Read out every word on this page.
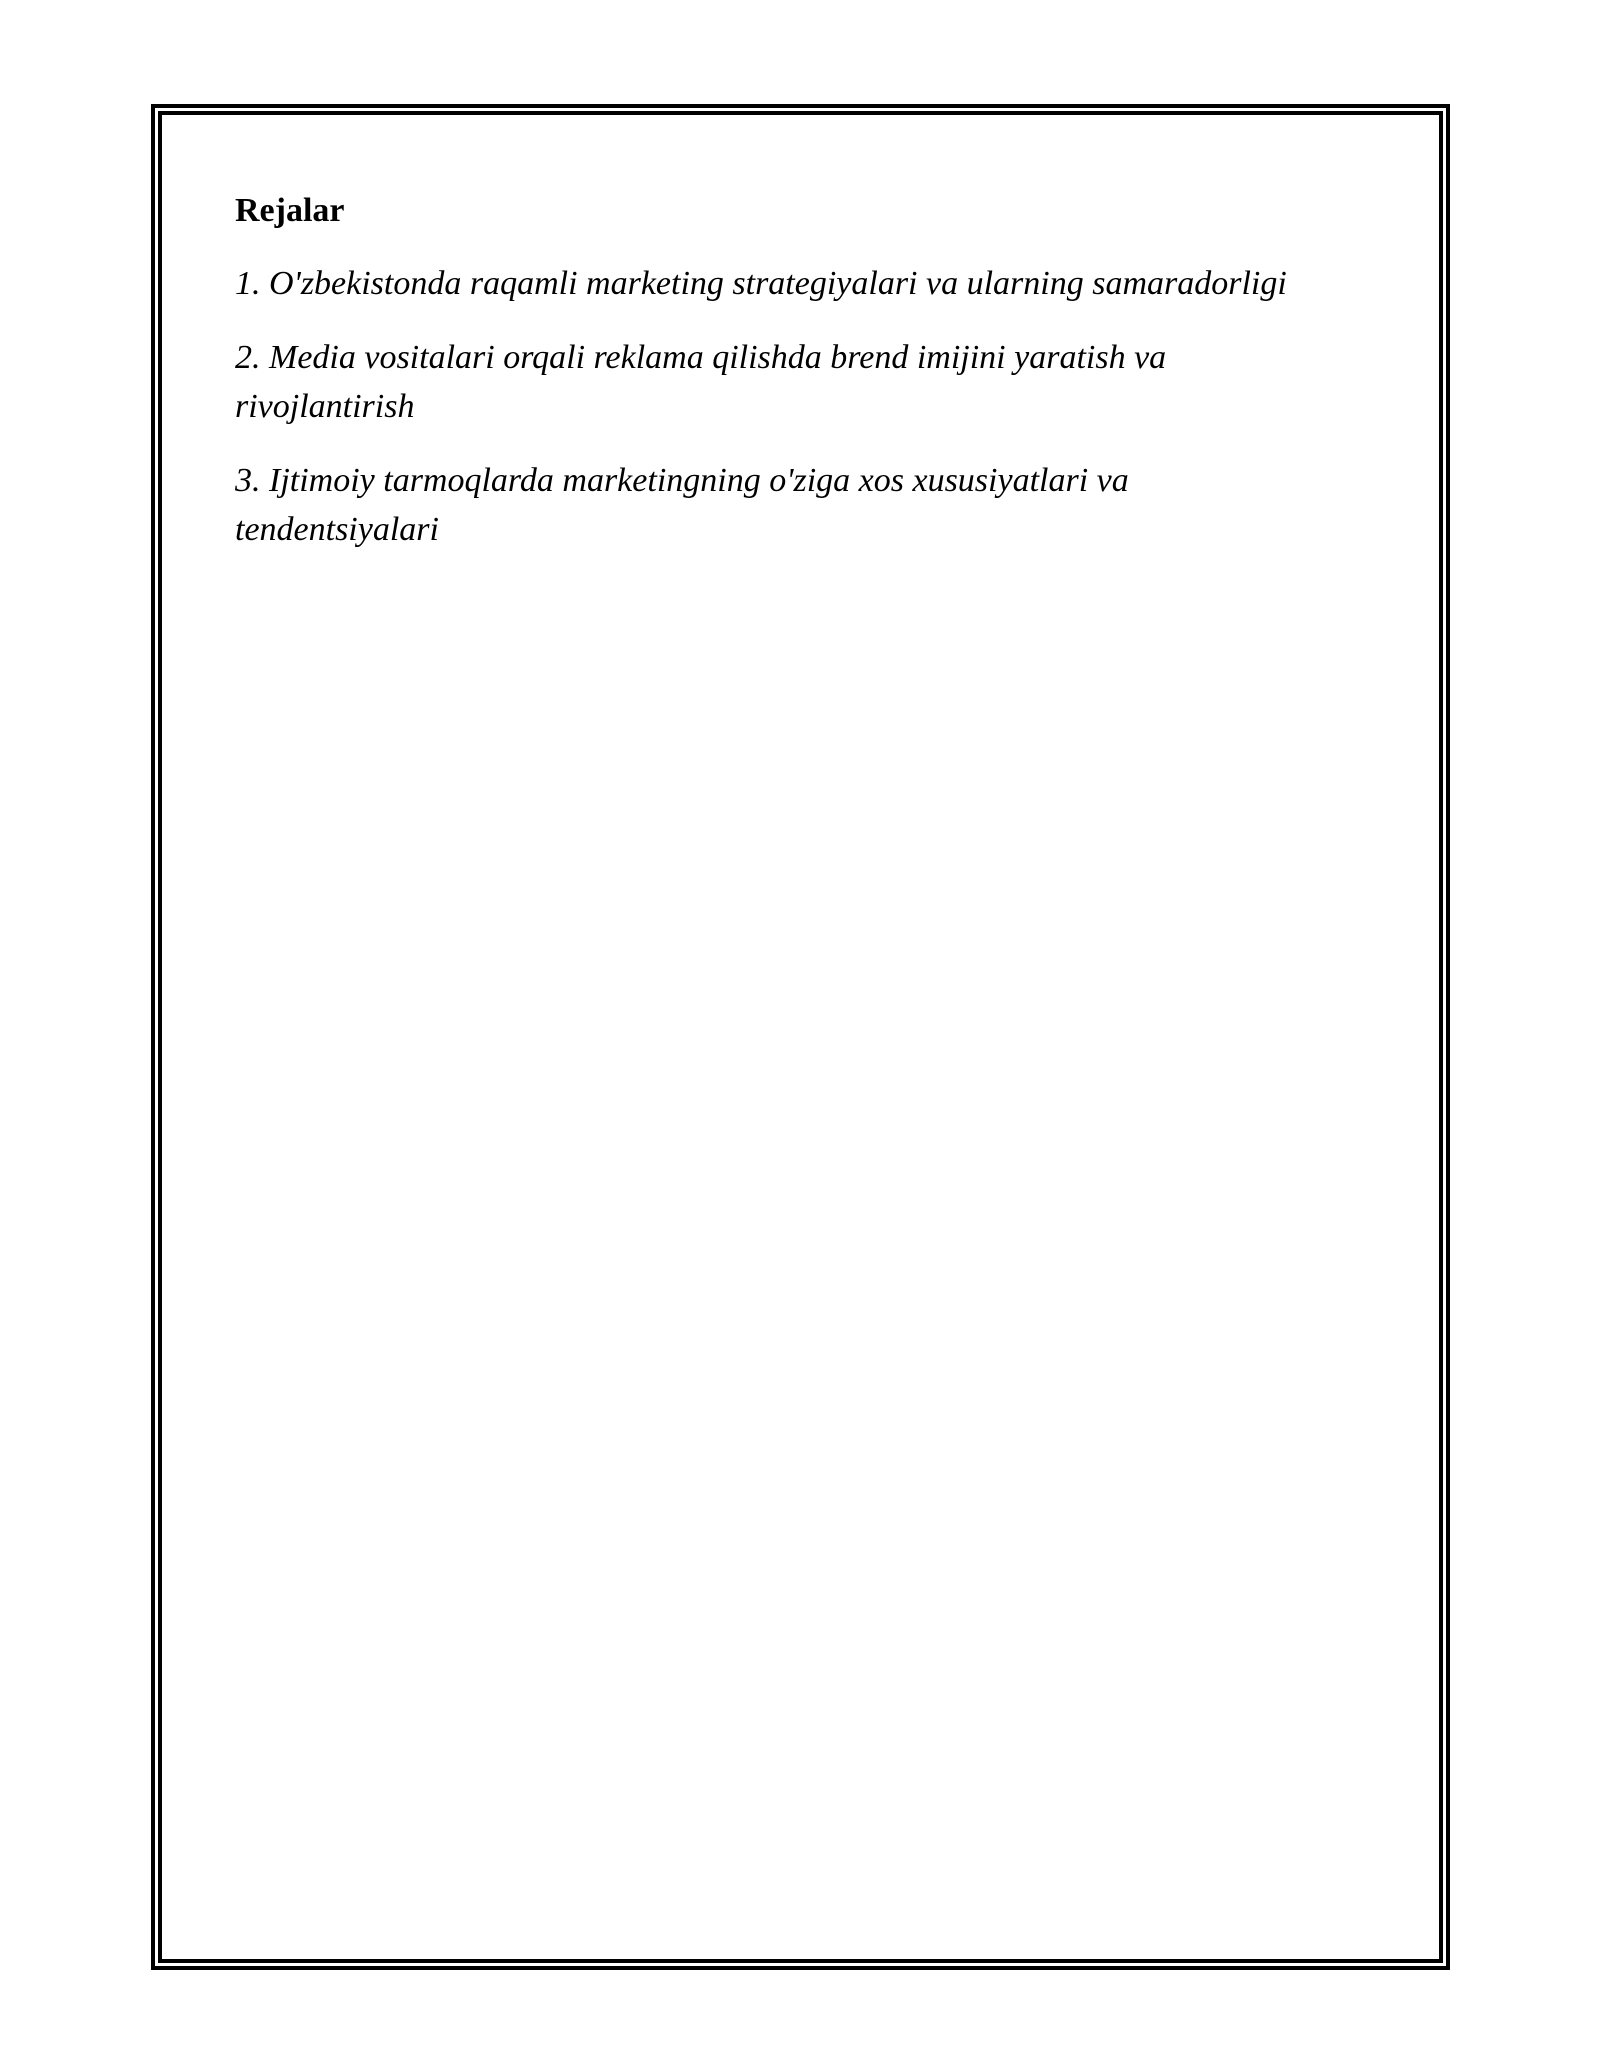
Rejalar
1. O'zbekistonda raqamli marketing strategiyalari va ularning samaradorligi
2. Media vositalari orqali reklama qilishda brend imijini yaratish va rivojlantirish
3. Ijtimoiy tarmoqlarda marketingning o'ziga xos xususiyatlari va tendentsiyalari
